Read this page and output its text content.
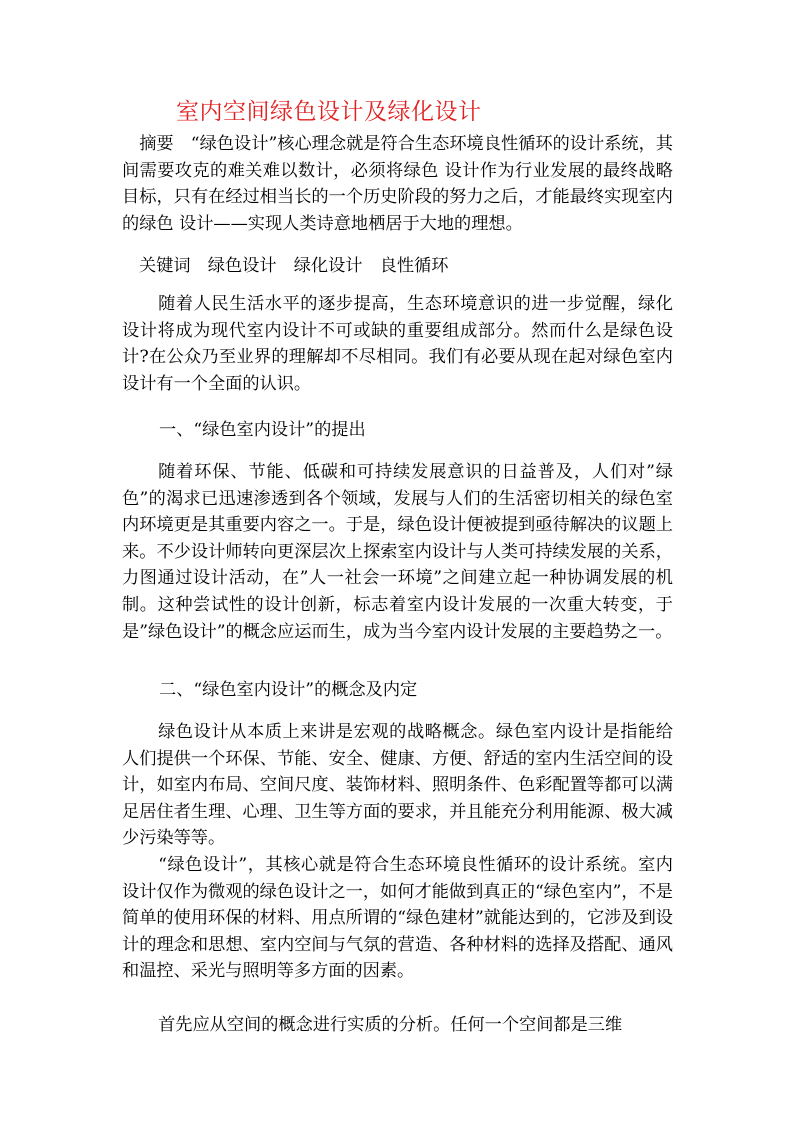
室内空间绿色设计及绿化设计

摘要　“绿色设计”核心理念就是符合生态环境良性循环的设计系统，其间需要攻克的难关难以数计，必须将绿色 设计作为行业发展的最终战略目标，只有在经过相当长的一个历史阶段的努力之后，才能最终实现室内的绿色 设计——实现人类诗意地栖居于大地的理想。

关键词　绿色设计　绿化设计　良性循环

随着人民生活水平的逐步提高，生态环境意识的进一步觉醒，绿化设计将成为现代室内设计不可或缺的重要组成部分。然而什么是绿色设计?在公众乃至业界的理解却不尽相同。我们有必要从现在起对绿色室内设计有一个全面的认识。

一、“绿色室内设计”的提出

随着环保、节能、低碳和可持续发展意识的日益普及，人们对”绿色”的渴求已迅速渗透到各个领域，发展与人们的生活密切相关的绿色室内环境更是其重要内容之一。于是，绿色设计便被提到亟待解决的议题上来。不少设计师转向更深层次上探索室内设计与人类可持续发展的关系，力图通过设计活动，在”人一社会一环境”之间建立起一种协调发展的机制。这种尝试性的设计创新，标志着室内设计发展的一次重大转变，于是”绿色设计”的概念应运而生，成为当今室内设计发展的主要趋势之一。

二、“绿色室内设计”的概念及内定

绿色设计从本质上来讲是宏观的战略概念。绿色室内设计是指能给人们提供一个环保、节能、安全、健康、方便、舒适的室内生活空间的设计，如室内布局、空间尺度、装饰材料、照明条件、色彩配置等都可以满足居住者生理、心理、卫生等方面的要求，并且能充分利用能源、极大减少污染等等。

“绿色设计”，其核心就是符合生态环境良性循环的设计系统。室内设计仅作为微观的绿色设计之一，如何才能做到真正的“绿色室内”，不是简单的使用环保的材料、用点所谓的“绿色建材”就能达到的，它涉及到设计的理念和思想、室内空间与气氛的营造、各种材料的选择及搭配、通风和温控、采光与照明等多方面的因素。

首先应从空间的概念进行实质的分析。任何一个空间都是三维
